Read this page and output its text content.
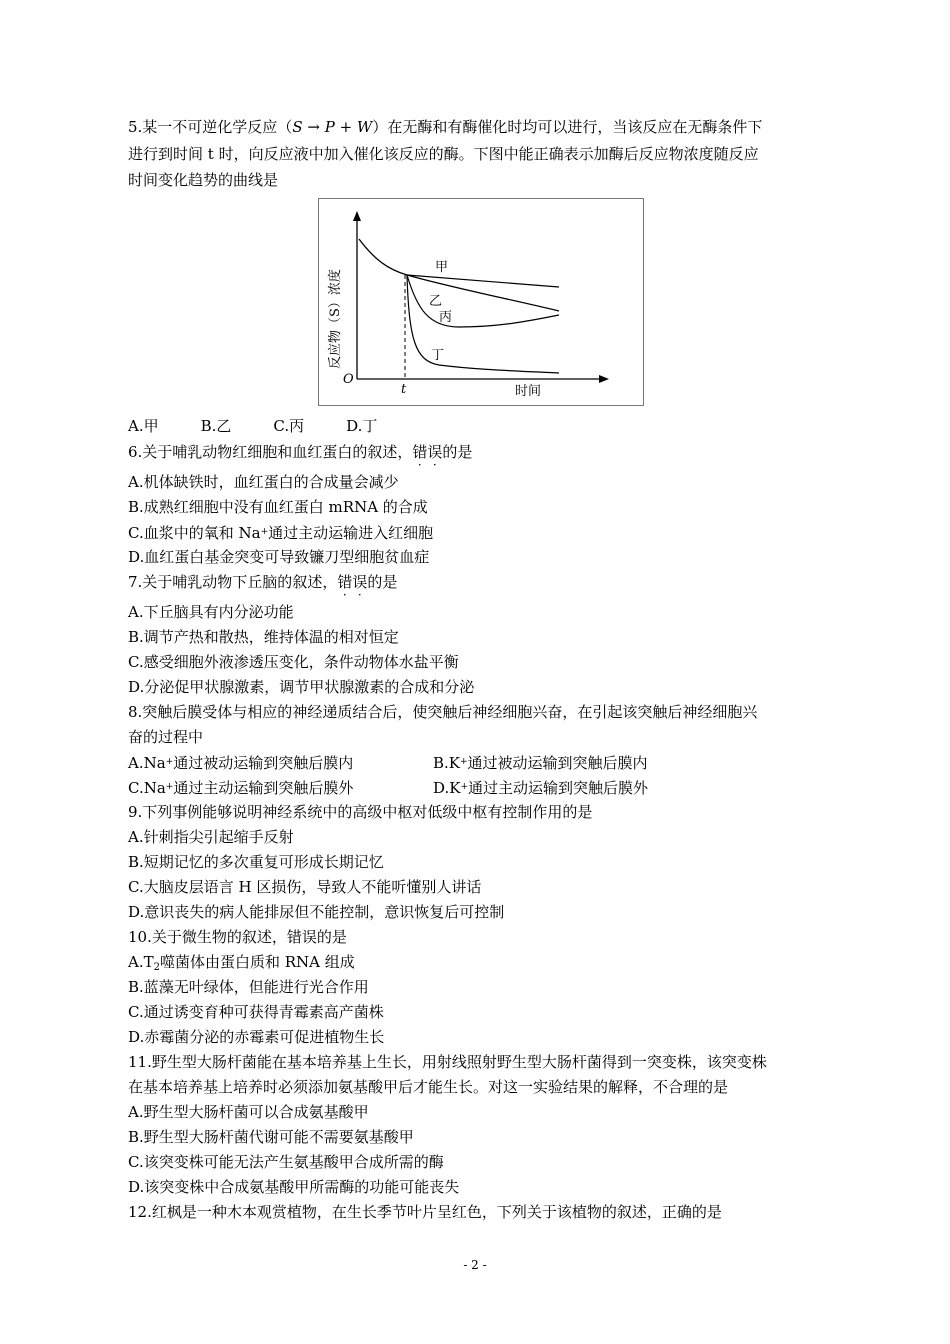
5.某一不可逆化学反应（S → P + W）在无酶和有酶催化时均可以进行，当该反应在无酶条件下
进行到时间 t 时，向反应液中加入催化该反应的酶。下图中能正确表示加酶后反应物浓度随反应
时间变化趋势的曲线是
甲
乙
丙
丁
O
t	时间
反应物（S）浓度
A.甲	B.乙	C.丙	D.丁
6.关于哺乳动物红细胞和血红蛋白的叙述，错误的是
A.机体缺铁时，血红蛋白的合成量会减少
B.成熟红细胞中没有血红蛋白 mRNA 的合成
C.血浆中的氧和 Na+通过主动运输进入红细胞
D.血红蛋白基金突变可导致镰刀型细胞贫血症
7.关于哺乳动物下丘脑的叙述，错误的是
A.下丘脑具有内分泌功能
B.调节产热和散热，维持体温的相对恒定
C.感受细胞外液渗透压变化，条件动物体水盐平衡
D.分泌促甲状腺激素，调节甲状腺激素的合成和分泌
8.突触后膜受体与相应的神经递质结合后，使突触后神经细胞兴奋，在引起该突触后神经细胞兴
奋的过程中
A.Na+通过被动运输到突触后膜内	B.K+通过被动运输到突触后膜内
C.Na+通过主动运输到突触后膜外	D.K+通过主动运输到突触后膜外
9.下列事例能够说明神经系统中的高级中枢对低级中枢有控制作用的是
A.针刺指尖引起缩手反射
B.短期记忆的多次重复可形成长期记忆
C.大脑皮层语言 H 区损伤，导致人不能听懂别人讲话
D.意识丧失的病人能排尿但不能控制，意识恢复后可控制
10.关于微生物的叙述，错误的是
$A.T_2$噬菌体由蛋白质和 RNA 组成
B.蓝藻无叶绿体，但能进行光合作用
C.通过诱变育种可获得青霉素高产菌株
D.赤霉菌分泌的赤霉素可促进植物生长
11.野生型大肠杆菌能在基本培养基上生长，用射线照射野生型大肠杆菌得到一突变株，该突变株
在基本培养基上培养时必须添加氨基酸甲后才能生长。对这一实验结果的解释，不合理的是
A.野生型大肠杆菌可以合成氨基酸甲
B.野生型大肠杆菌代谢可能不需要氨基酸甲
C.该突变株可能无法产生氨基酸甲合成所需的酶
D.该突变株中合成氨基酸甲所需酶的功能可能丧失
12.红枫是一种木本观赏植物，在生长季节叶片呈红色，下列关于该植物的叙述，正确的是
- 2 -
